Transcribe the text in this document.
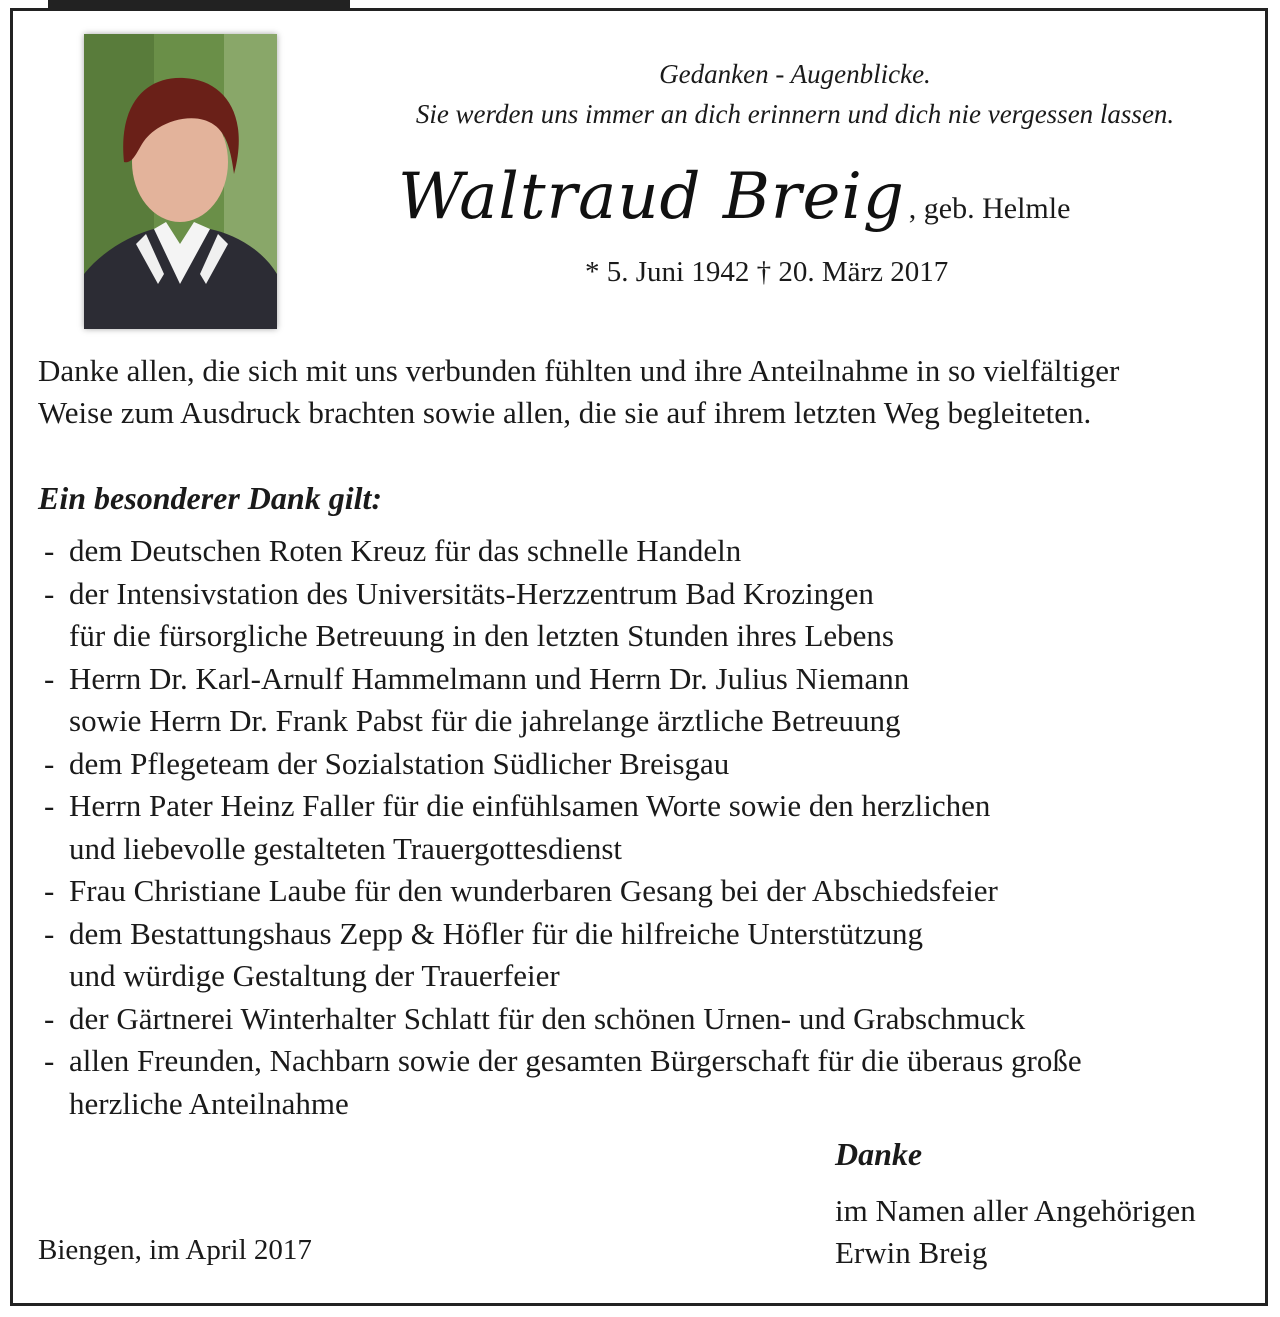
Gedanken - Augenblicke.
Sie werden uns immer an dich erinnern und dich nie vergessen lassen.
Waltraud Breig , geb. Helmle
* 5. Juni 1942 † 20. März 2017
Danke allen, die sich mit uns verbunden fühlten und ihre Anteilnahme in so vielfältiger
Weise zum Ausdruck brachten sowie allen, die sie auf ihrem letzten Weg begleiteten.
Ein besonderer Dank gilt:
- dem Deutschen Roten Kreuz für das schnelle Handeln
- der Intensivstation des Universitäts-Herzzentrum Bad Krozingen
für die fürsorgliche Betreuung in den letzten Stunden ihres Lebens
- Herrn Dr. Karl-Arnulf Hammelmann und Herrn Dr. Julius Niemann
sowie Herrn Dr. Frank Pabst für die jahrelange ärztliche Betreuung
- dem Pflegeteam der Sozialstation Südlicher Breisgau
- Herrn Pater Heinz Faller für die einfühlsamen Worte sowie den herzlichen
und liebevolle gestalteten Trauergottesdienst
- Frau Christiane Laube für den wunderbaren Gesang bei der Abschiedsfeier
- dem Bestattungshaus Zepp & Höfler für die hilfreiche Unterstützung
und würdige Gestaltung der Trauerfeier
- der Gärtnerei Winterhalter Schlatt für den schönen Urnen- und Grabschmuck
- allen Freunden, Nachbarn sowie der gesamten Bürgerschaft für die überaus große
herzliche Anteilnahme
Danke
im Namen aller Angehörigen
Erwin Breig
Biengen, im April 2017
